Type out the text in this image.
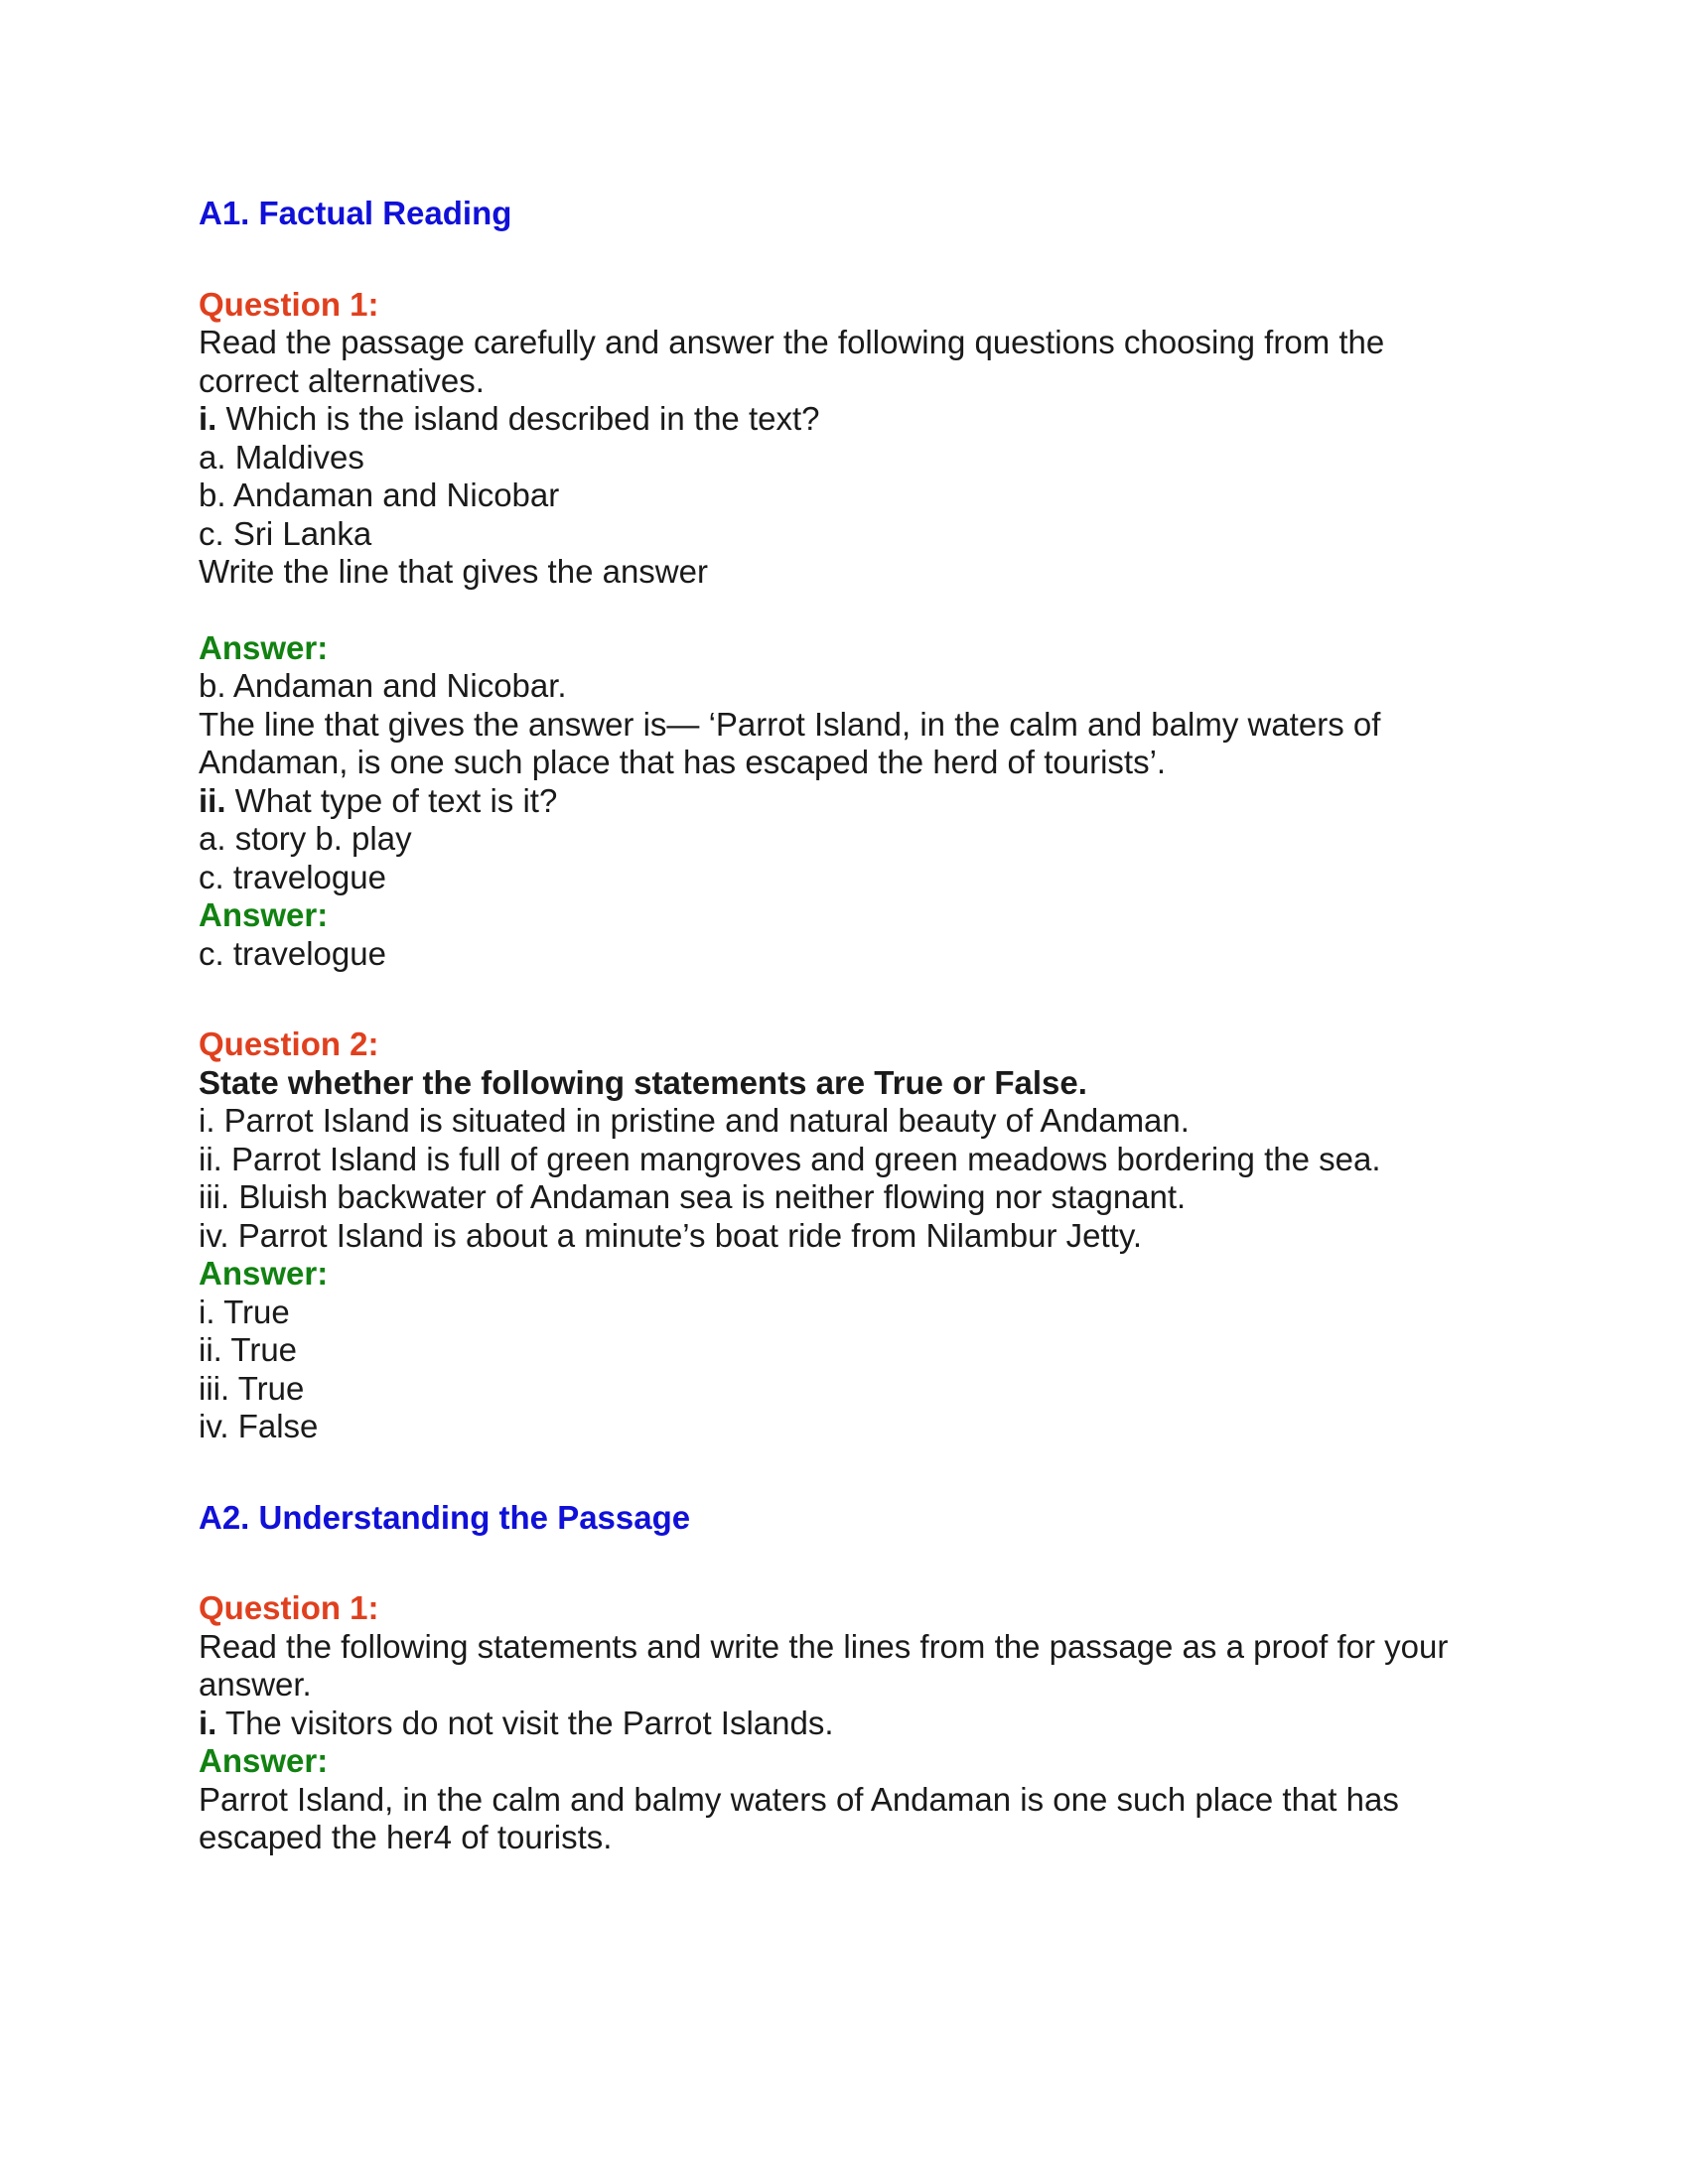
A1. Factual Reading
Question 1:
Read the passage carefully and answer the following questions choosing from the correct alternatives.
i. Which is the island described in the text?
a. Maldives
b. Andaman and Nicobar
c. Sri Lanka
Write the line that gives the answer
Answer:
b. Andaman and Nicobar.
The line that gives the answer is— ‘Parrot Island, in the calm and balmy waters of Andaman, is one such place that has escaped the herd of tourists’.
ii. What type of text is it?
a. story b. play
c. travelogue
Answer:
c. travelogue
Question 2:
State whether the following statements are True or False.
i. Parrot Island is situated in pristine and natural beauty of Andaman.
ii. Parrot Island is full of green mangroves and green meadows bordering the sea.
iii. Bluish backwater of Andaman sea is neither flowing nor stagnant.
iv. Parrot Island is about a minute’s boat ride from Nilambur Jetty.
Answer:
i. True
ii. True
iii. True
iv. False
A2. Understanding the Passage
Question 1:
Read the following statements and write the lines from the passage as a proof for your answer.
i. The visitors do not visit the Parrot Islands.
Answer:
Parrot Island, in the calm and balmy waters of Andaman is one such place that has escaped the her4 of tourists.
